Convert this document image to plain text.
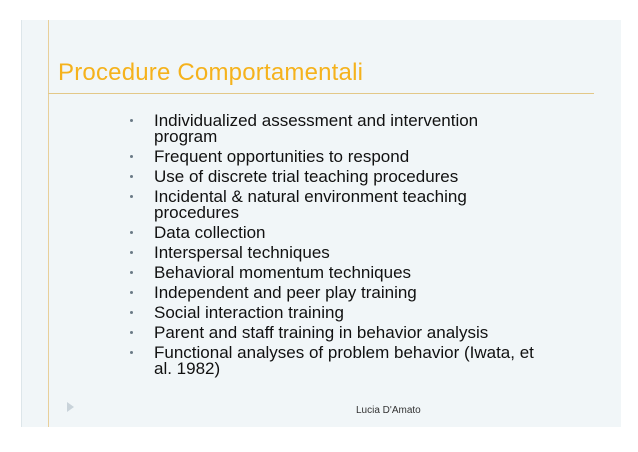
Procedure Comportamentali
Individualized assessment and intervention program
Frequent opportunities to respond
Use of discrete trial teaching procedures
Incidental & natural environment teaching procedures
Data collection
Interspersal techniques
Behavioral momentum techniques
Independent and peer play training
Social interaction training
Parent and staff training in behavior analysis
Functional analyses of problem behavior (Iwata, et al. 1982)
Lucia D'Amato
